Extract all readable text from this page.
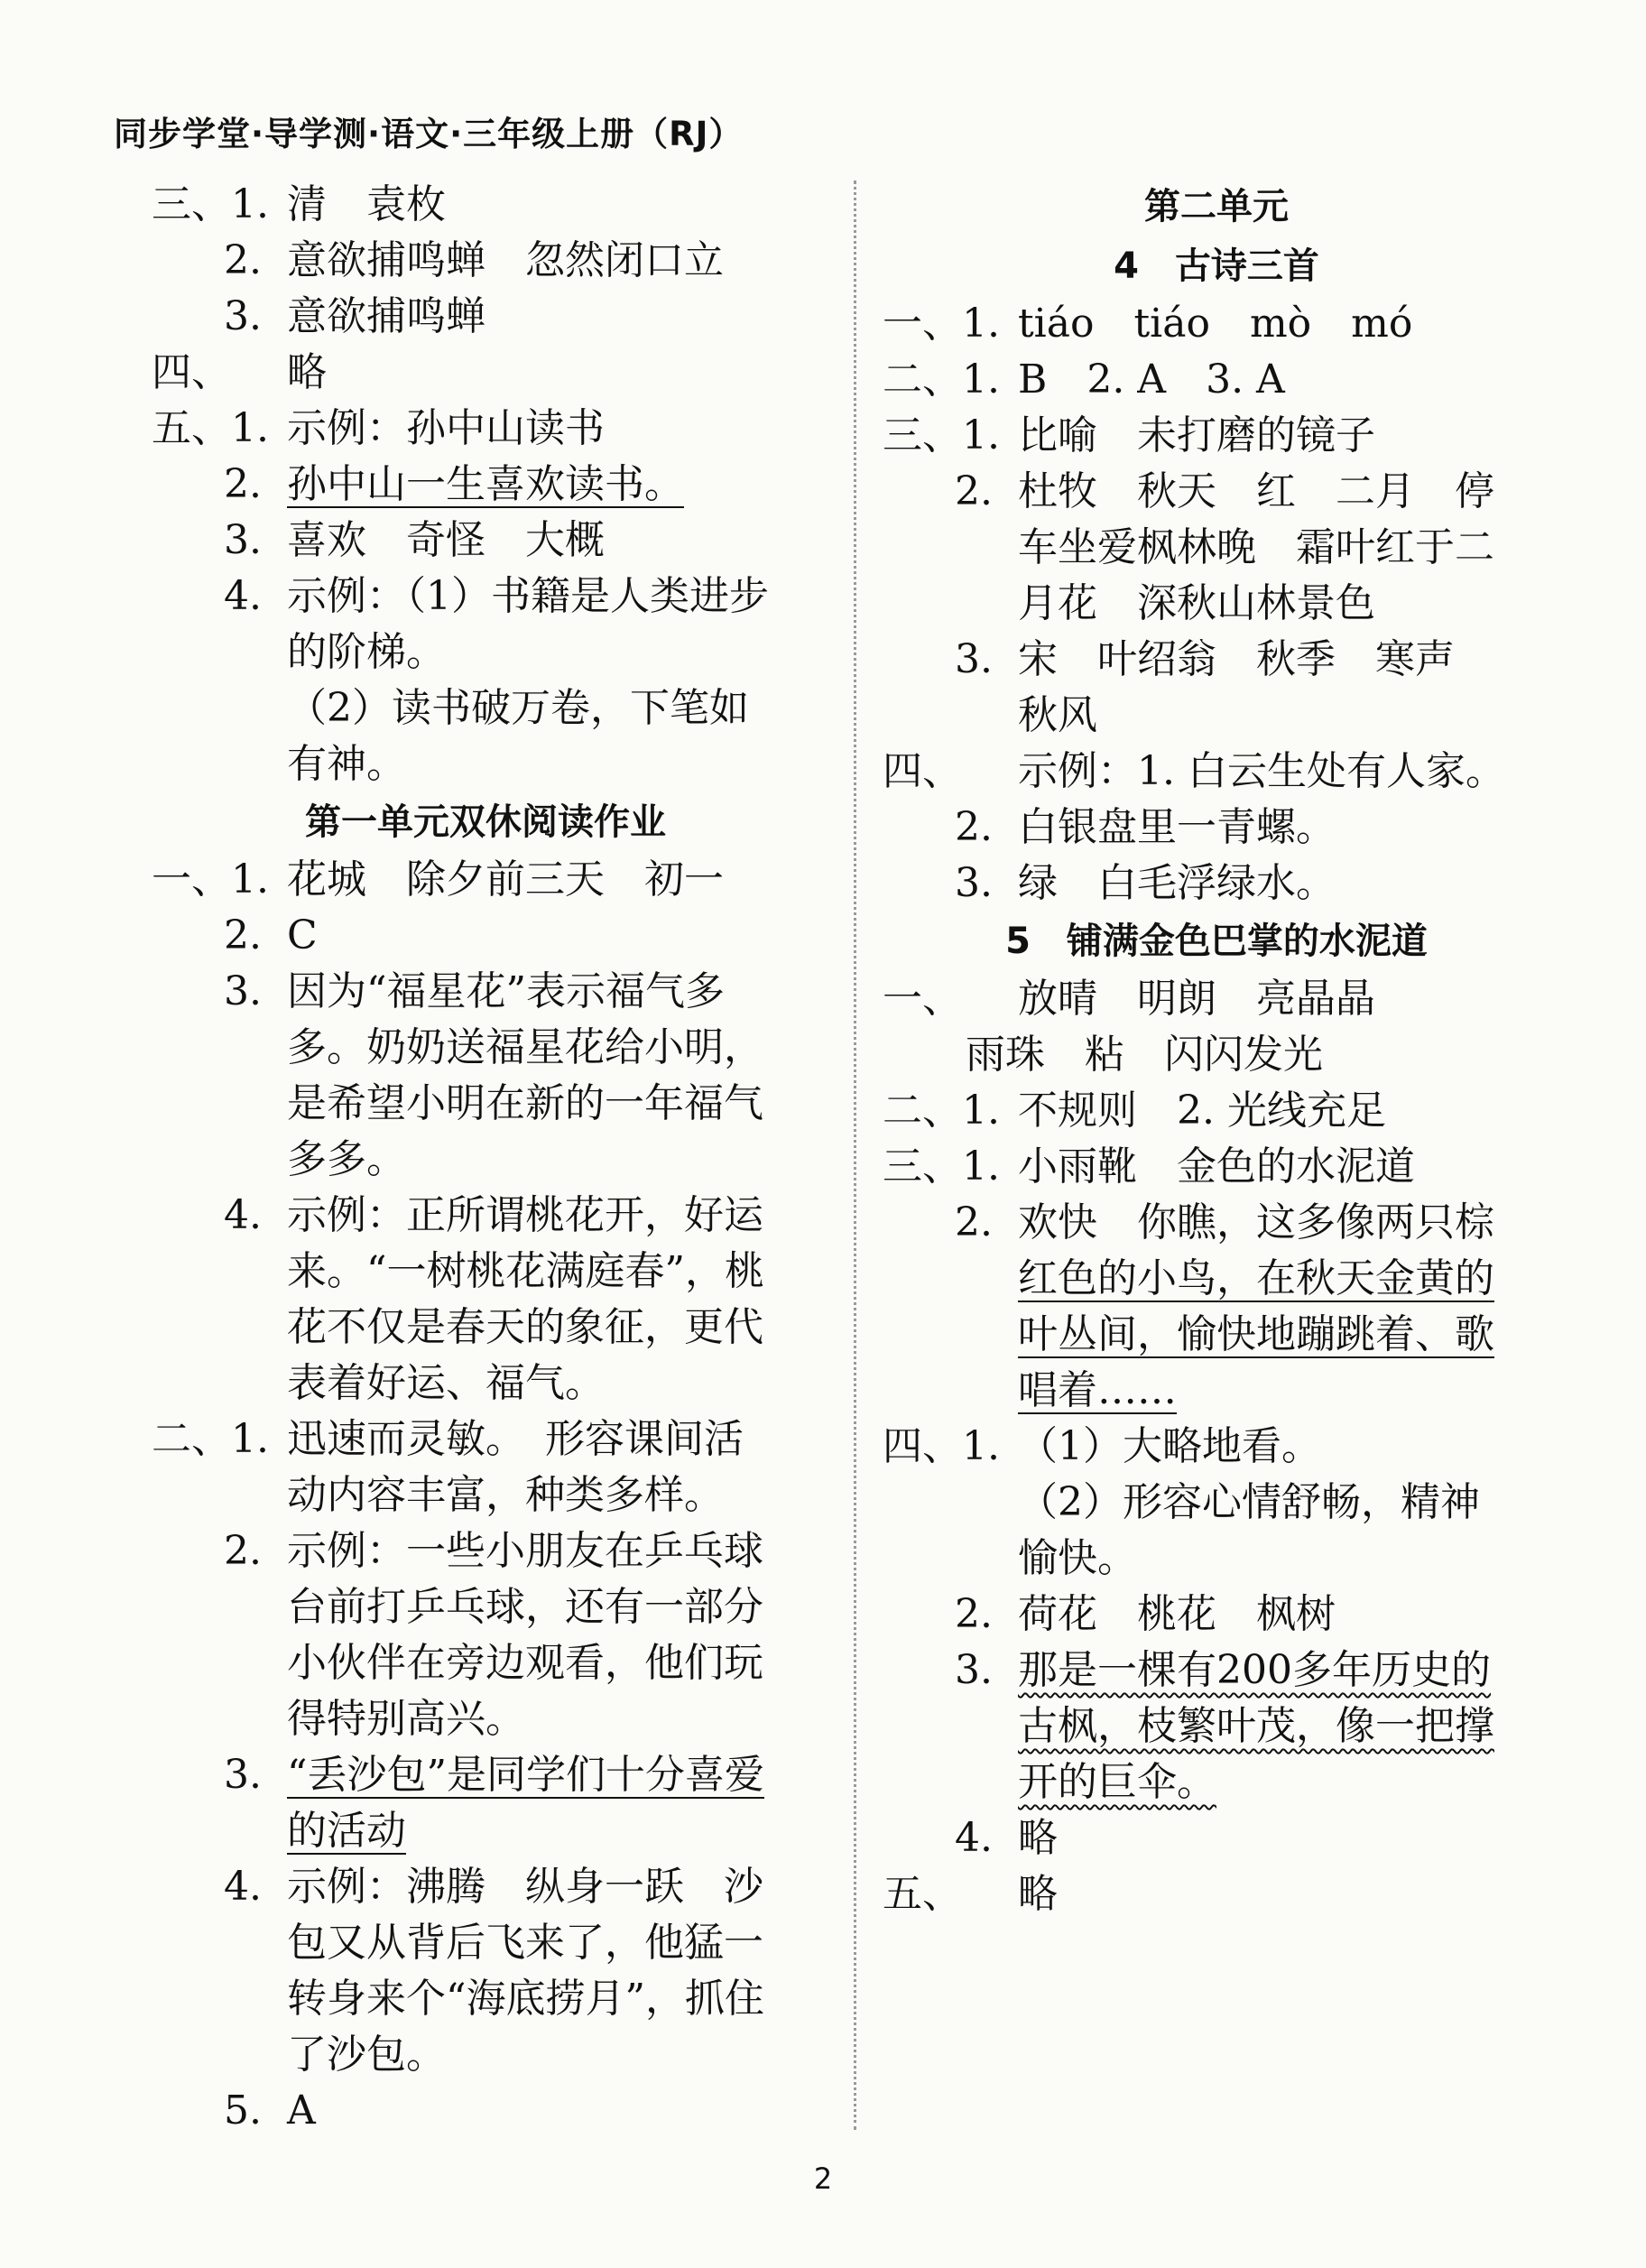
同步学堂·导学测·语文·三年级上册（RJ）
三、1. 清　袁枚
2. 意欲捕鸣蝉　忽然闭口立
3. 意欲捕鸣蝉
四、	略
五、1. 示例：孙中山读书
2. 孙中山一生喜欢读书。
3. 喜欢　奇怪　大概
4. 示例：（1）书籍是人类进步
的阶梯。
（2）读书破万卷，下笔如
有神。
第一单元双休阅读作业
一、1. 花城　除夕前三天　初一
2. C
3. 因为“福星花”表示福气多
多。奶奶送福星花给小明，
是希望小明在新的一年福气
多多。
4. 示例：正所谓桃花开，好运
来。“一树桃花满庭春”，桃
花不仅是春天的象征，更代
表着好运、福气。
二、1. 迅速而灵敏。　形容课间活
动内容丰富，种类多样。
2. 示例：一些小朋友在乒乓球
台前打乒乓球，还有一部分
小伙伴在旁边观看，他们玩
得特别高兴。
3. “丢沙包”是同学们十分喜爱
的活动
4. 示例：沸腾　纵身一跃　沙
包又从背后飞来了，他猛一
转身来个“海底捞月”，抓住
了沙包。
5. A
第二单元
4　古诗三首
一、1. tiáo　tiáo　mò　mó
二、1. B　2. A　3. A
三、1. 比喻　未打磨的镜子
2. 杜牧　秋天　红　二月　停
车坐爱枫林晚　霜叶红于二
月花　深秋山林景色
3. 宋　叶绍翁　秋季　寒声
秋风
四、	示例：1. 白云生处有人家。
2. 白银盘里一青螺。
3. 绿　白毛浮绿水。
5　铺满金色巴掌的水泥道
一、	放晴　明朗　亮晶晶
雨珠　粘　闪闪发光
二、1. 不规则　2. 光线充足
三、1. 小雨靴　金色的水泥道
2. 欢快　你瞧，这多像两只棕
红色的小鸟，在秋天金黄的
叶丛间，愉快地蹦跳着、歌
唱着……
四、1. （1）大略地看。
（2）形容心情舒畅，精神
愉快。
2. 荷花　桃花　枫树
3. 那是一棵有200多年历史的
古枫，枝繁叶茂，像一把撑
开的巨伞。
4. 略
五、	略
2
